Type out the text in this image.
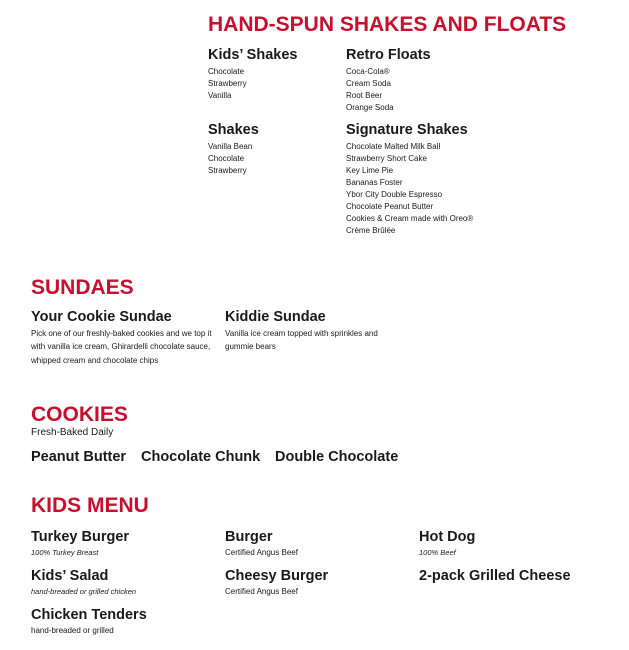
HAND-SPUN SHAKES AND FLOATS
Kids’ Shakes
Chocolate
Strawberry
Vanilla
Retro Floats
Coca-Cola®
Cream Soda
Root Beer
Orange Soda
Shakes
Vanilla Bean
Chocolate
Strawberry
Signature Shakes
Chocolate Malted Milk Ball
Strawberry Short Cake
Key Lime Pie
Bananas Foster
Ybor City Double Espresso
Chocolate Peanut Butter
Cookies & Cream made with Oreo®
Crème Brûlée
SUNDAES
Your Cookie Sundae

Pick one of our freshly-baked cookies and we top it with vanilla ice cream, Ghirardelli chocolate sauce, whipped cream and chocolate chips

Kiddie Sundae

Vanilla ice cream topped with sprinkles and gummie bears

COOKIES
Fresh-Baked Daily
Peanut Butter Chocolate Chunk Double Chocolate
KIDS MENU
Turkey Burger

100% Turkey Breast

Burger

Certified Angus Beef

Hot Dog

100% Beef

Kids’ Salad

hand-breaded or grilled chicken

Cheesy Burger

Certified Angus Beef

2-pack Grilled Cheese
Chicken Tenders

hand-breaded or grilled
